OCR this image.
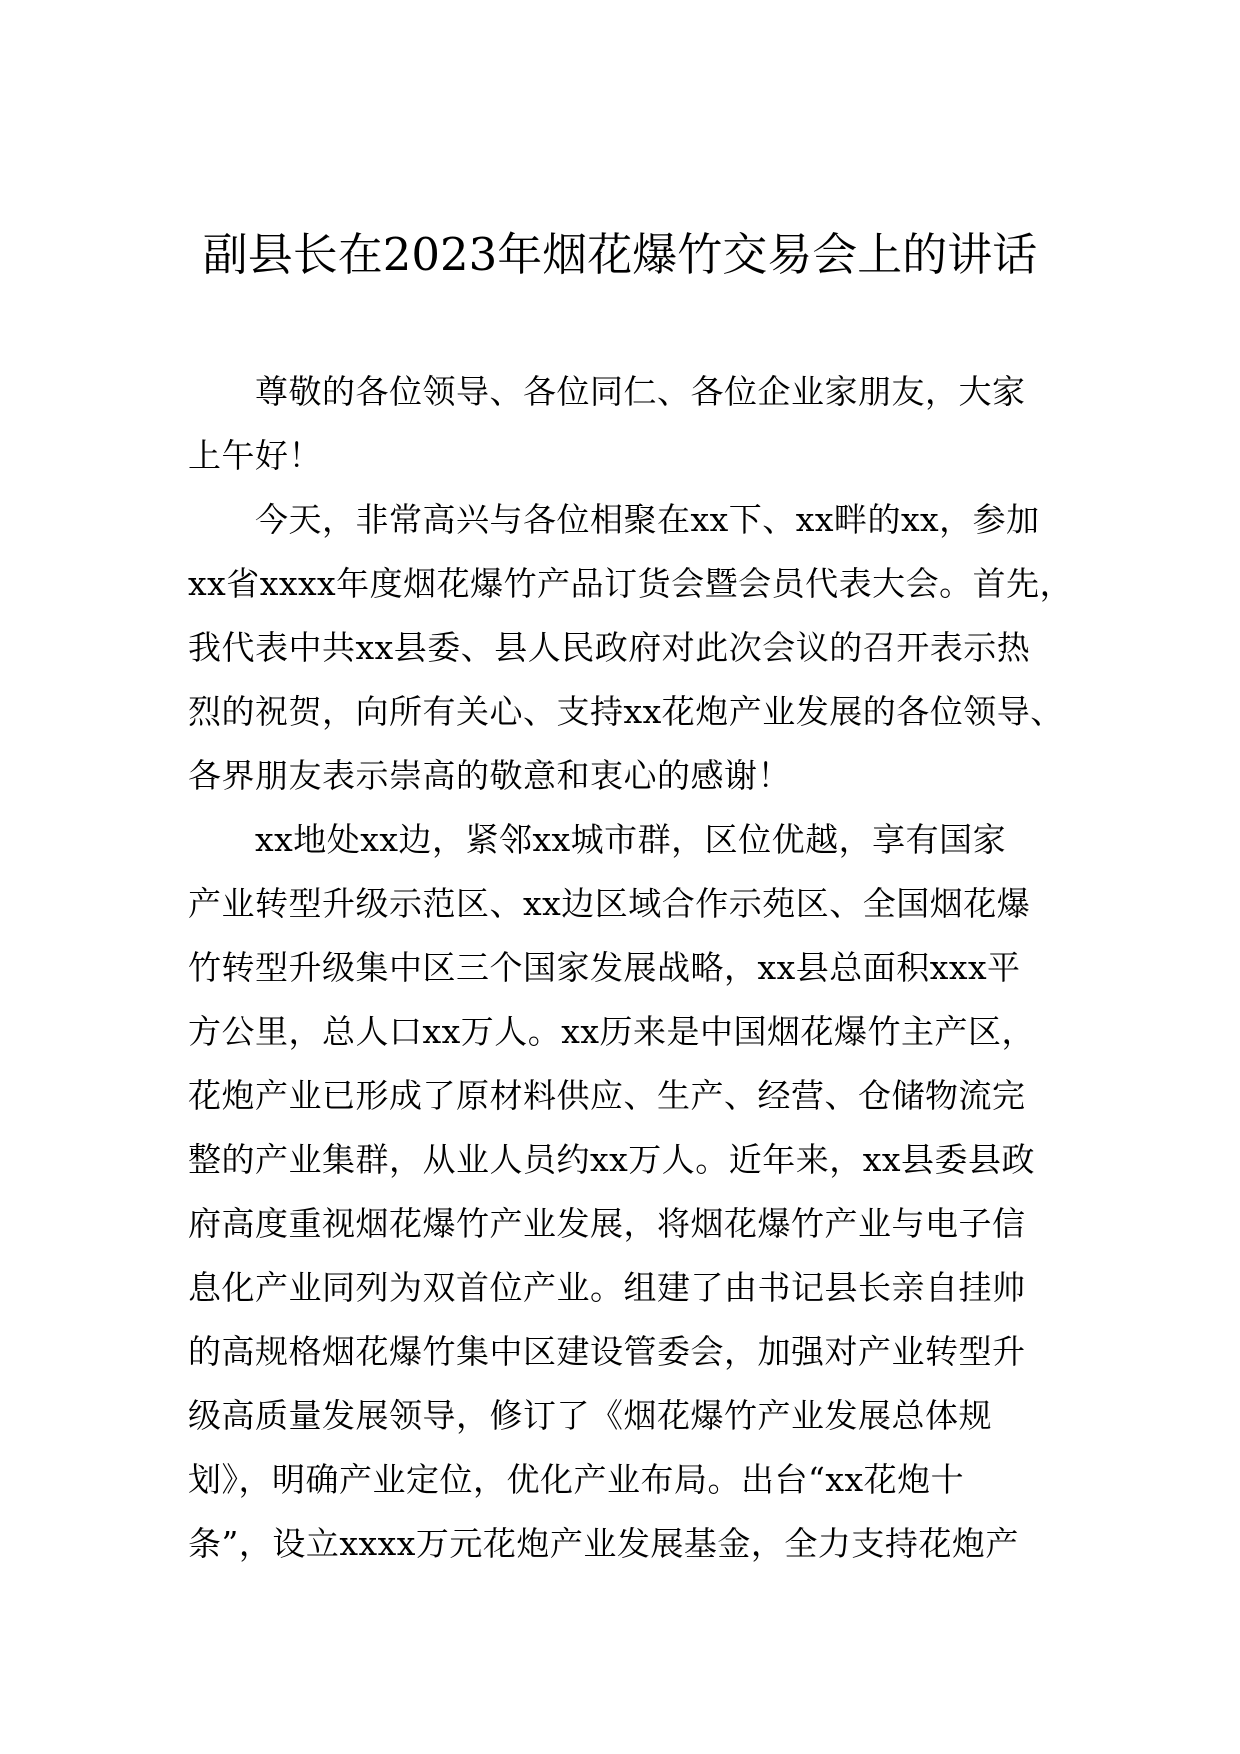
副县长在2023年烟花爆竹交易会上的讲话

　　尊敬的各位领导、各位同仁、各位企业家朋友，大家

上午好！

　　今天，非常高兴与各位相聚在xx下、xx畔的xx，参加

xx省xxxx年度烟花爆竹产品订货会暨会员代表大会。首先，

我代表中共xx县委、县人民政府对此次会议的召开表示热

烈的祝贺，向所有关心、支持xx花炮产业发展的各位领导、

各界朋友表示崇高的敬意和衷心的感谢！

　　xx地处xx边，紧邻xx城市群，区位优越，享有国家

产业转型升级示范区、xx边区域合作示苑区、全国烟花爆

竹转型升级集中区三个国家发展战略，xx县总面积xxx平

方公里，总人口xx万人。xx历来是中国烟花爆竹主产区，

花炮产业已形成了原材料供应、生产、经营、仓储物流完

整的产业集群，从业人员约xx万人。近年来，xx县委县政

府高度重视烟花爆竹产业发展，将烟花爆竹产业与电子信

息化产业同列为双首位产业。组建了由书记县长亲自挂帅

的高规格烟花爆竹集中区建设管委会，加强对产业转型升

级高质量发展领导，修订了《烟花爆竹产业发展总体规

划》，明确产业定位，优化产业布局。出台“xx花炮十

条”，设立xxxx万元花炮产业发展基金，全力支持花炮产
